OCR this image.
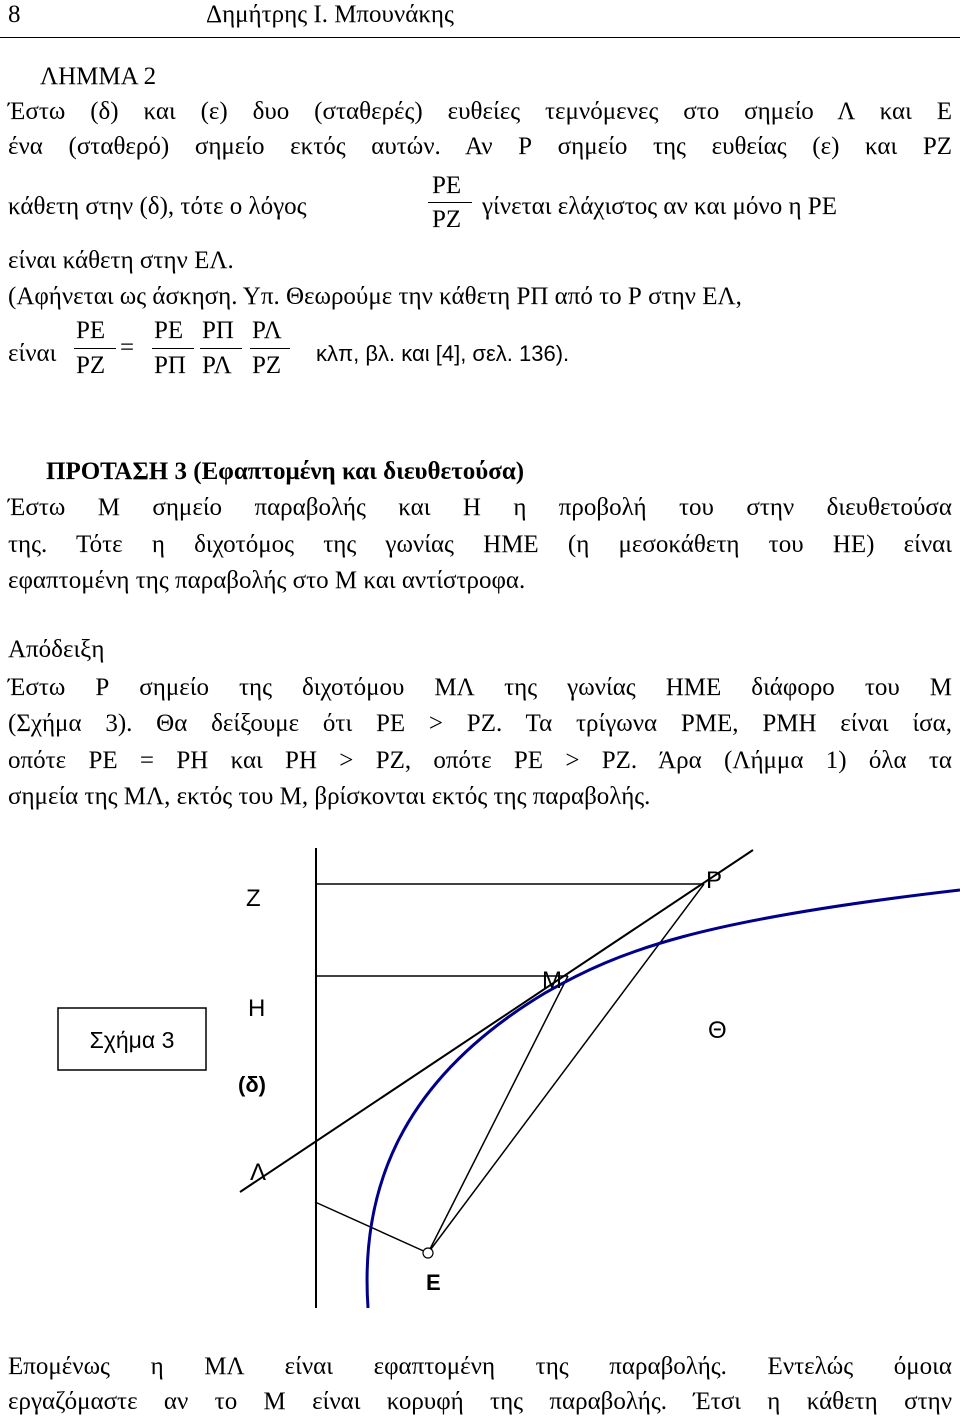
8	Δημήτρης Ι. Μπουνάκης
ΛΗΜΜΑ 2
Έστω (δ) και (ε) δυο (σταθερές) ευθείες τεμνόμενες στο σημείο Λ και Ε
ένα (σταθερό) σημείο εκτός αυτών. Αν Ρ σημείο της ευθείας (ε) και ΡΖ
κάθετη στην (δ), τότε ο λόγος
ΡΕ
ΡΖ γίνεται ελάχιστος αν και μόνο η ΡΕ
είναι κάθετη στην ΕΛ.
(Αφήνεται ως άσκηση. Υπ. Θεωρούμε την κάθετη ΡΠ από το Ρ στην ΕΛ,
είναι
ΡΕ
ΡΖ
=
ΡΕ
ΡΠ
ΡΠ
ΡΛ
ΡΛ
ΡΖ κλπ, βλ. και [4], σελ. 136).
ΠΡΟΤΑΣΗ 3 (Εφαπτομένη και διευθετούσα)
Έστω Μ σημείο παραβολής και Η η προβολή του στην διευθετούσα
της. Τότε η διχοτόμος της γωνίας ΗΜΕ (η μεσοκάθετη του ΗΕ) είναι
εφαπτομένη της παραβολής στο Μ και αντίστροφα.
Απόδειξη
Έστω Ρ σημείο της διχοτόμου ΜΛ της γωνίας ΗΜΕ διάφορο του Μ
(Σχήμα 3). Θα δείξουμε ότι ΡΕ > ΡΖ. Τα τρίγωνα ΡΜΕ, ΡΜΗ είναι ίσα,
οπότε ΡΕ = ΡΗ και ΡΗ > ΡΖ, οπότε ΡΕ > ΡΖ. Άρα (Λήμμα 1) όλα τα
σημεία της ΜΛ, εκτός του Μ, βρίσκονται εκτός της παραβολής.
Σχήμα 3
Ζ
Ρ
Η
Μ
Θ
(δ)
Λ
Ε
Επομένως η ΜΛ είναι εφαπτομένη της παραβολής. Εντελώς όμοια
εργαζόμαστε αν το Μ είναι κορυφή της παραβολής. Έτσι η κάθετη στην
